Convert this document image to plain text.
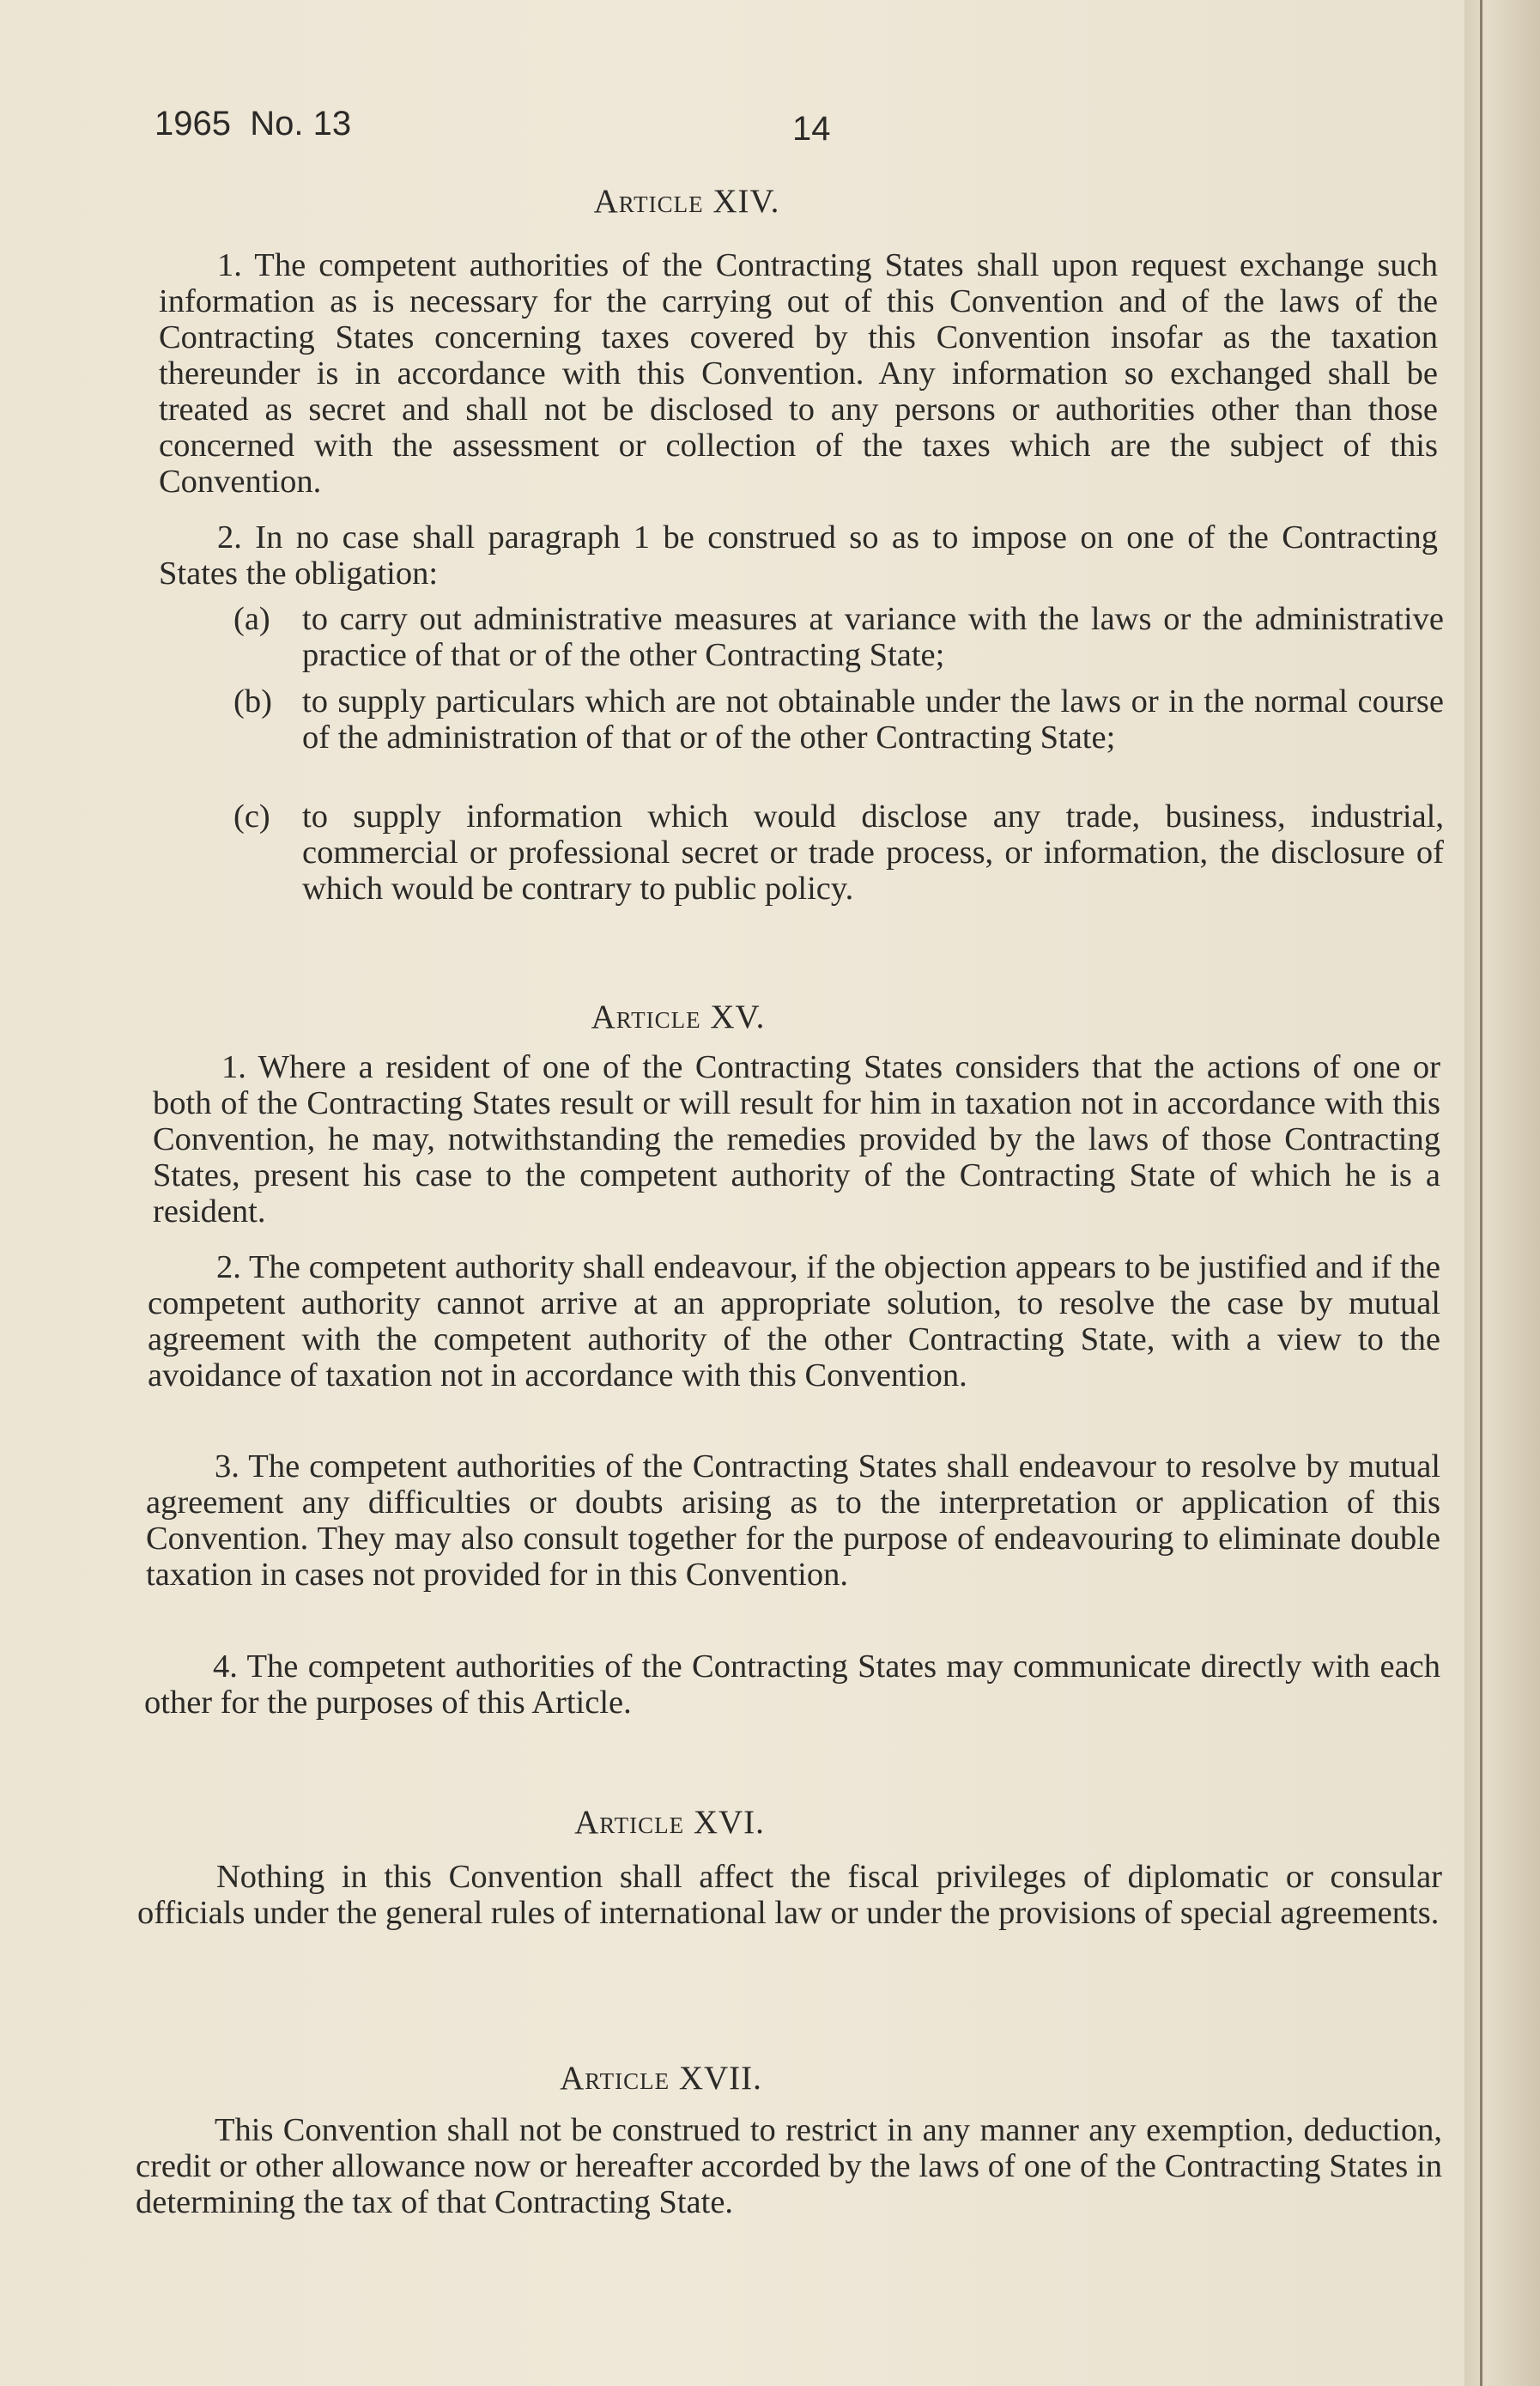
1965  No. 13	14
Article XIV.
1. The competent authorities of the Contracting States shall upon request exchange such information as is necessary for the carrying out of this Convention and of the laws of the Contracting States concerning taxes covered by this Convention insofar as the taxation thereunder is in accordance with this Convention. Any information so exchanged shall be treated as secret and shall not be disclosed to any persons or authorities other than those concerned with the assessment or collection of the taxes which are the subject of this Convention.
2. In no case shall paragraph 1 be construed so as to impose on one of the Contracting States the obligation:
(a) to carry out administrative measures at variance with the laws or the administrative practice of that or of the other Contracting State;
(b) to supply particulars which are not obtainable under the laws or in the normal course of the administration of that or of the other Contracting State;
(c) to supply information which would disclose any trade, business, industrial, commercial or professional secret or trade process, or information, the disclosure of which would be contrary to public policy.
Article XV.
1. Where a resident of one of the Contracting States considers that the actions of one or both of the Contracting States result or will result for him in taxation not in accordance with this Convention, he may, notwithstanding the remedies provided by the laws of those Contracting States, present his case to the competent authority of the Contracting State of which he is a resident.
2. The competent authority shall endeavour, if the objection appears to be justified and if the competent authority cannot arrive at an appropriate solution, to resolve the case by mutual agreement with the competent authority of the other Contracting State, with a view to the avoidance of taxation not in accordance with this Convention.
3. The competent authorities of the Contracting States shall endeavour to resolve by mutual agreement any difficulties or doubts arising as to the interpretation or application of this Convention. They may also consult together for the purpose of endeavouring to eliminate double taxation in cases not provided for in this Convention.
4. The competent authorities of the Contracting States may communicate directly with each other for the purposes of this Article.
Article XVI.
Nothing in this Convention shall affect the fiscal privileges of diplomatic or consular officials under the general rules of international law or under the provisions of special agreements.
Article XVII.
This Convention shall not be construed to restrict in any manner any exemption, deduction, credit or other allowance now or hereafter accorded by the laws of one of the Contracting States in determining the tax of that Contracting State.
